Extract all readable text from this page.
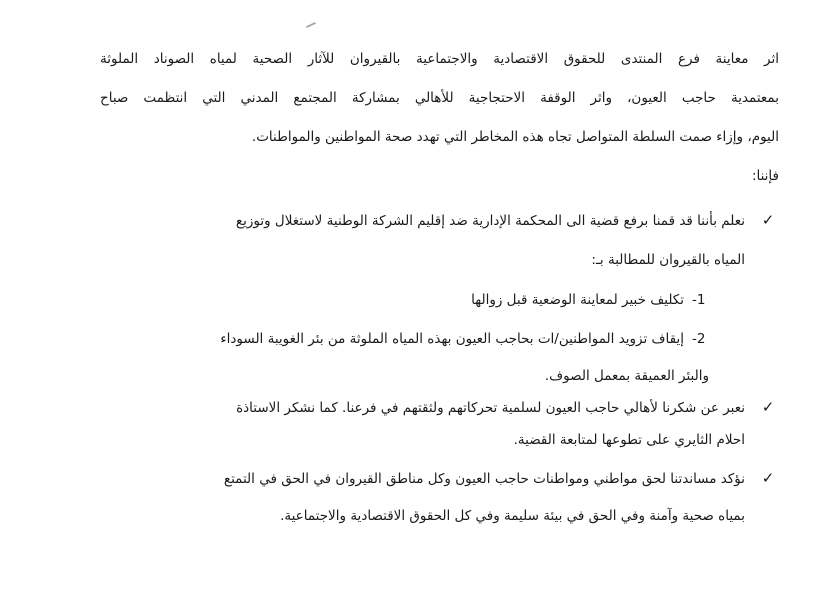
اثر معاينة فرع المنتدى للحقوق الاقتصادية والاجتماعية بالقيروان للآثار الصحية لمياه الصوناد الملوثة
بمعتمدية حاجب العيون، واثر الوقفة الاحتجاجية للأهالي بمشاركة المجتمع المدني التي انتظمت صباح
اليوم، وإزاء صمت السلطة المتواصل تجاه هذه المخاطر التي تهدد صحة المواطنين والمواطنات.
فإننا:
✓نعلم بأننا قد قمنا برفع قضية الى المحكمة الإدارية ضد إقليم الشركة الوطنية لاستغلال وتوزيع
المياه بالقيروان للمطالبة بـ:
-1تكليف خبير لمعاينة الوضعية قبل زوالها
-2إيقاف تزويد المواطنين/ات بحاجب العيون بهذه المياه الملوثة من بئر الغويبة السوداء
والبئر العميقة بمعمل الصوف.
✓نعبر عن شكرنا لأهالي حاجب العيون لسلمية تحركاتهم ولثقتهم في فرعنا. كما نشكر الاستاذة
احلام الثايري على تطوعها لمتابعة القضية.
✓نؤكد مساندتنا لحق مواطني ومواطنات حاجب العيون وكل مناطق القيروان في الحق في التمتع
بمياه صحية وآمنة وفي الحق في بيئة سليمة وفي كل الحقوق الاقتصادية والاجتماعية.
